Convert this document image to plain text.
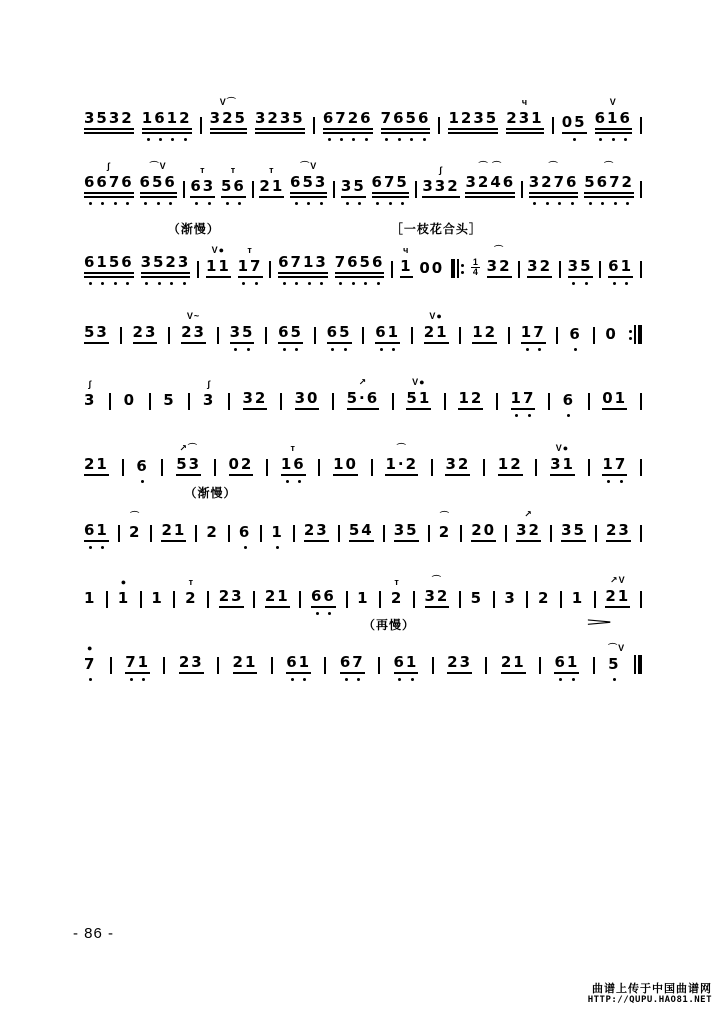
3532 1612
V⌒
325 3235 6726 7656 1235
ч
231 05
V
616
∫
6676
⌒V
656
ᴛ
63
ᴛ
56
ᴛ
21
⌒V
653 35 675
∫
332
⌒ ⌒
3246
⌒
3276
⌒
5672
（渐慢）	［一枝花合头］
6156 3523
V●
11
ᴛ
17 6713 7656
ч
1 00	1
4
⌒
32 32 35 61
53 23
V~
23 35 65 65 61
V●
21 12 17 6 0
∫
3 0 5
∫
3 32 30
↗
5·6
V●
51 12 17 6 01
21 6
↗⌒
53 02
ᴛ
16 10
⌒
1·2 32 12
V●
31 17
（渐慢）
61
⌒
2 21 2 6 1 23 54 35
⌒
2 20
↗
32 35 23
1
●
1 1
ᴛ
2 23 21 66 1
ᴛ
2
⌒
32 5 3 2 1
↗V
21
（再慢）	>
●
7 71 23 21 61 67 61 23 21 61
⌒V
5
- 86 -
曲谱上传于中国曲谱网
HTTP://QUPU.HAO81.NET
